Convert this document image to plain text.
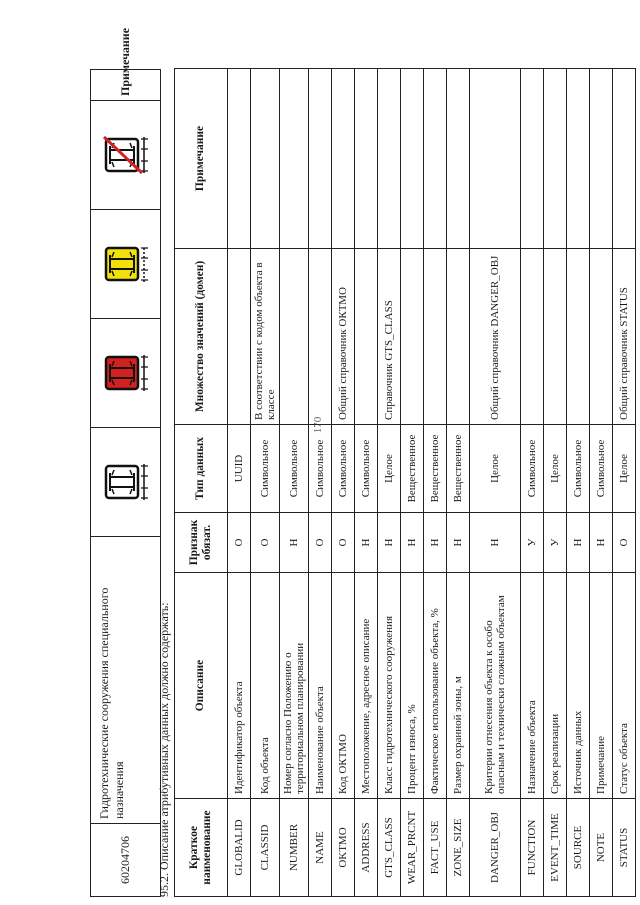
170
60204706	Гидротехнические сооружения специального назначения	

	Примечание
95.2. Описание атрибутивных данных должно содержать: Краткое наименование	Описание	Признак обязат.	Тип данных	Множество значений (домен)	Примечание
GLOBALID	Идентификатор объекта	О	UUID		
CLASSID	Код объекта	О	Символьное	В соответствии с кодом объекта в классе	
NUMBER	Номер согласно Положению о территориальном планировании	Н	Символьное		
NAME	Наименование объекта	О	Символьное		
OKTMO	Код ОКТМО	О	Символьное	Общий справочник ОКТМО	
ADDRESS	Местоположение, адресное описание	Н	Символьное		
GTS_CLASS	Класс гидротехнического сооружения	Н	Целое	Справочник GTS_CLASS	
WEAR_PRCNT	Процент износа, %	Н	Вещественное		
FACT_USE	Фактическое использование объекта, %	Н	Вещественное		
ZONE_SIZE	Размер охранной зоны, м	Н	Вещественное		
DANGER_OBJ	Критерии отнесения объекта к особо опасным и технически сложным объектам	Н	Целое	Общий справочник DANGER_OBJ	
FUNCTION	Назначение объекта	У	Символьное		
EVENT_TIME	Срок реализации	У	Целое		
SOURCE	Источник данных	Н	Символьное		
NOTE	Примечание	Н	Символьное		
STATUS	Статус объекта	О	Целое	Общий справочник STATUS	
